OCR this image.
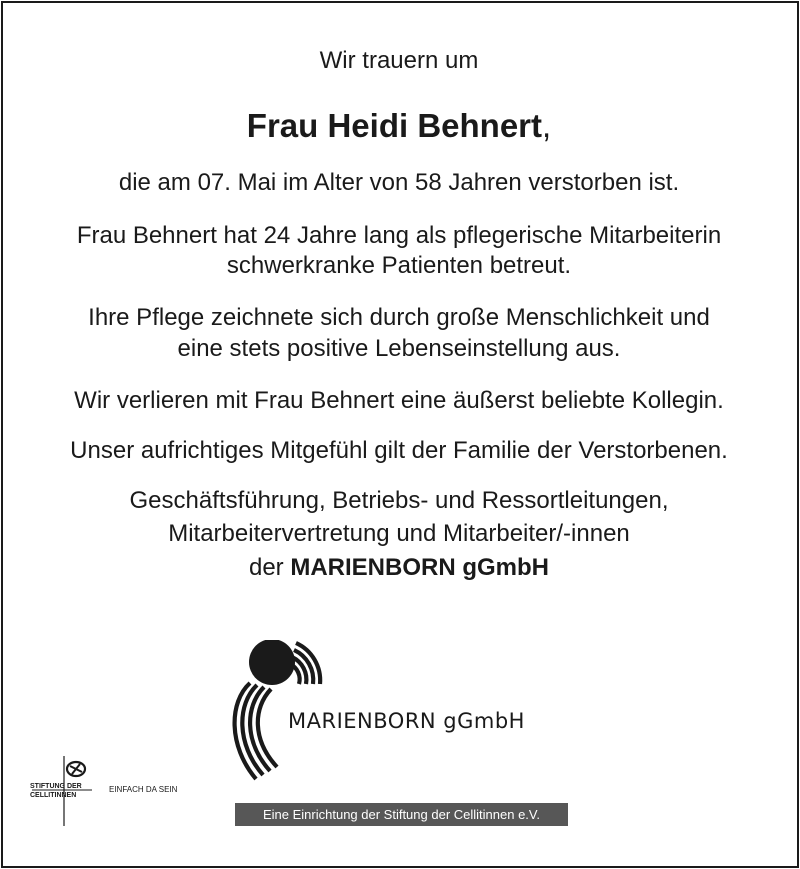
Wir trauern um
Frau Heidi Behnert,
die am 07. Mai im Alter von 58 Jahren verstorben ist.
Frau Behnert hat 24 Jahre lang als pflegerische Mitarbeiterin
schwerkranke Patienten betreut.
Ihre Pflege zeichnete sich durch große Menschlichkeit und
eine stets positive Lebenseinstellung aus.
Wir verlieren mit Frau Behnert eine äußerst beliebte Kollegin.
Unser aufrichtiges Mitgefühl gilt der Familie der Verstorbenen.
Geschäftsführung, Betriebs- und Ressortleitungen,
Mitarbeitervertretung und Mitarbeiter/-innen
der MARIENBORN gGmbH
MARIENBORN gGmbH
Eine Einrichtung der Stiftung der Cellitinnen e.V.
STIFTUNG DER
CELLITINNEN
EINFACH DA SEIN
